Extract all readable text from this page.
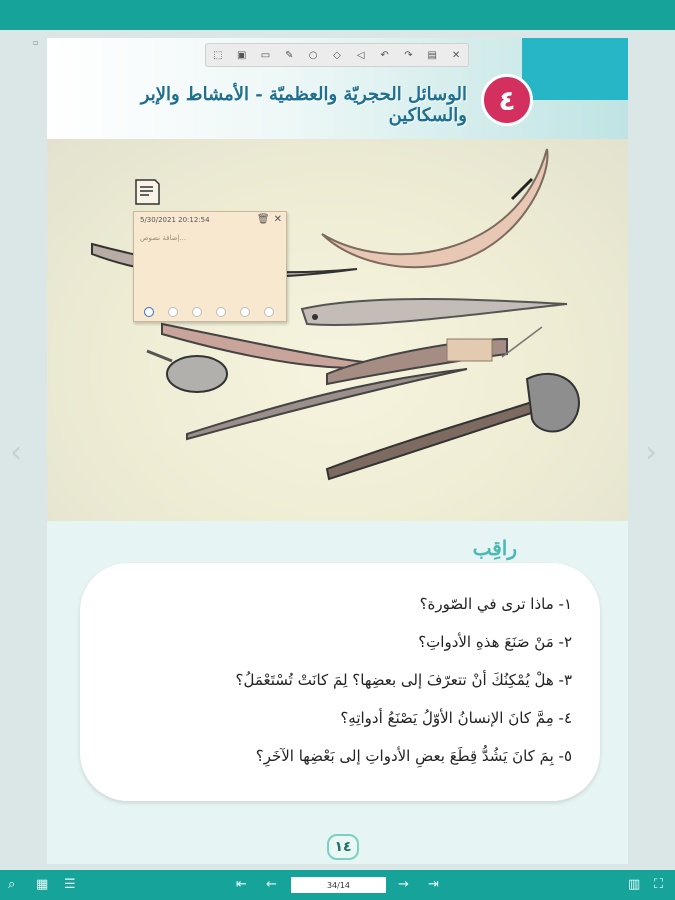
▫
الوسائل الحجريّة والعظميّة - الأمشاط والإبر والسكاكين	٤
راقِب
١- ماذا ترى في الصّورة؟
٢- مَنْ صَنَعَ هذهِ الأدواتِ؟
٣- هلْ يُمْكِنُكَ أنْ تتعرّفَ إلى بعضِها؟ لِمَ كانَتْ تُسْتَعْمَلُ؟
٤- مِمَّ كانَ الإنسانُ الأوّلُ يَصْنَعُ أدواتِهِ؟
٥- بِمَ كانَ يَشُدُّ قِطَعَ بعضِ الأدواتِ إلى بَعْضِها الآخَرِ؟
١٤
⬚ ▣ ▭ ✎ ○	◇	◁	↶ ↷ ▤ ✕
5/30/2021 20:12:54	🗑 ✕
إضافة نصوص...
‹	›
⌕ ▦ ☰	⇤ ←	→ ⇥	▥ ⛶
34/14
